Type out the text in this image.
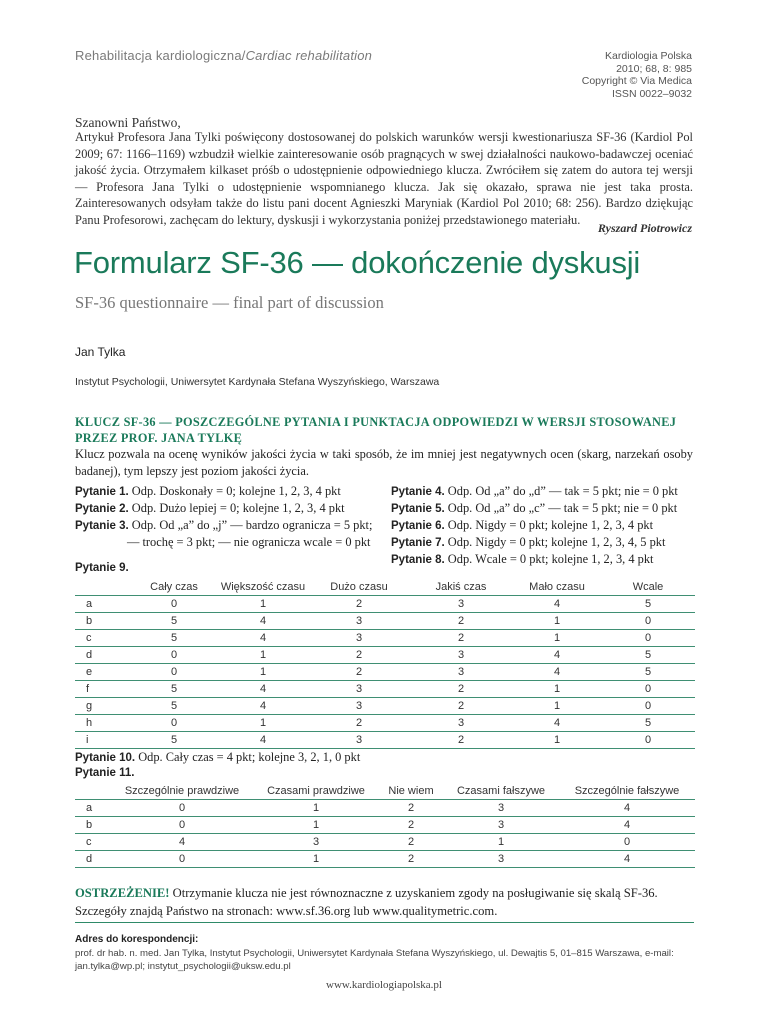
Rehabilitacja kardiologiczna/Cardiac rehabilitation	Kardiologia Polska
2010; 68, 8: 985
Copyright © Via Medica
ISSN 0022–9032
Szanowni Państwo,
Artykuł Profesora Jana Tylki poświęcony dostosowanej do polskich warunków wersji kwestionariusza SF-36 (Kardiol Pol 2009; 67: 1166–1169) wzbudził wielkie zainteresowanie osób pragnących w swej działalności naukowo-badawczej oceniać jakość życia. Otrzymałem kilkaset próśb o udostępnienie odpowiedniego klucza. Zwróciłem się zatem do autora tej wersji — Profesora Jana Tylki o udostępnienie wspomnianego klucza. Jak się okazało, sprawa nie jest taka prosta. Zainteresowanych odsyłam także do listu pani docent Agnieszki Maryniak (Kardiol Pol 2010; 68: 256). Bardzo dziękując Panu Profesorowi, zachęcam do lektury, dyskusji i wykorzystania poniżej przedstawionego materiału.
Ryszard Piotrowicz
Formularz SF-36 — dokończenie dyskusji
SF-36 questionnaire — final part of discussion
Jan Tylka
Instytut Psychologii, Uniwersytet Kardynała Stefana Wyszyńskiego, Warszawa
KLUCZ SF-36 — POSZCZEGÓLNE PYTANIA I PUNKTACJA ODPOWIEDZI W WERSJI STOSOWANEJ PRZEZ PROF. JANA TYLKĘ
Klucz pozwala na ocenę wyników jakości życia w taki sposób, że im mniej jest negatywnych ocen (skarg, narzekań osoby badanej), tym lepszy jest poziom jakości życia.
Pytanie 1. Odp. Doskonały = 0; kolejne 1, 2, 3, 4 pkt
Pytanie 2. Odp. Dużo lepiej = 0; kolejne 1, 2, 3, 4 pkt
Pytanie 3. Odp. Od „a” do „j” — bardzo ogranicza = 5 pkt;
— trochę = 3 pkt; — nie ogranicza wcale = 0 pkt
Pytanie 4. Odp. Od „a” do „d” — tak = 5 pkt; nie = 0 pkt
Pytanie 5. Odp. Od „a” do „c” — tak = 5 pkt; nie = 0 pkt
Pytanie 6. Odp. Nigdy = 0 pkt; kolejne 1, 2, 3, 4 pkt
Pytanie 7. Odp. Nigdy = 0 pkt; kolejne 1, 2, 3, 4, 5 pkt
Pytanie 8. Odp. Wcale = 0 pkt; kolejne 1, 2, 3, 4 pkt
Pytanie 9.
	Cały czas	Większość czasu	Dużo czasu	Jakiś czas	Mało czasu	Wcale
a	0	1	2	3	4	5
b	5	4	3	2	1	0
c	5	4	3	2	1	0
d	0	1	2	3	4	5
e	0	1	2	3	4	5
f	5	4	3	2	1	0
g	5	4	3	2	1	0
h	0	1	2	3	4	5
i	5	4	3	2	1	0
Pytanie 10. Odp. Cały czas = 4 pkt; kolejne 3, 2, 1, 0 pkt
Pytanie 11.
	Szczególnie prawdziwe	Czasami prawdziwe	Nie wiem	Czasami fałszywe	Szczególnie fałszywe
a	0	1	2	3	4
b	0	1	2	3	4
c	4	3	2	1	0
d	0	1	2	3	4
OSTRZEŻENIE! Otrzymanie klucza nie jest równoznaczne z uzyskaniem zgody na posługiwanie się skalą SF-36. Szczegóły znajdą Państwo na stronach: www.sf.36.org lub www.qualitymetric.com.
Adres do korespondencji:
prof. dr hab. n. med. Jan Tylka, Instytut Psychologii, Uniwersytet Kardynała Stefana Wyszyńskiego, ul. Dewajtis 5, 01–815 Warszawa, e-mail: jan.tylka@wp.pl; instytut_psychologii@uksw.edu.pl
www.kardiologiapolska.pl
